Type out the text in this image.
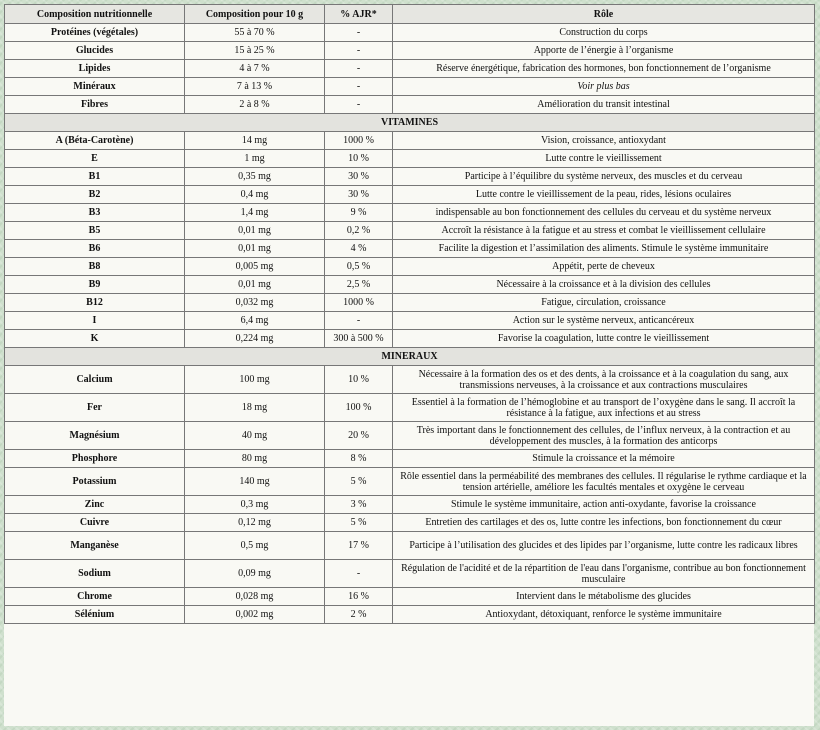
Composition nutritionnelle	Composition pour 10 g	% AJR*	Rôle
Protéines (végétales)	55 à 70 %	-	Construction du corps
Glucides	15 à 25 %	-	Apporte de l’énergie à l’organisme
Lipides	4 à 7 %	-	Réserve énergétique, fabrication des hormones, bon fonctionnement de l’organisme
Minéraux	7 à 13 %	-	Voir plus bas
Fibres	2 à 8 %	-	Amélioration du transit intestinal
VITAMINES			
A (Béta-Carotène)	14 mg	1000 %	Vision, croissance, antioxydant
E	1 mg	10 %	Lutte contre le vieillissement
B1	0,35 mg	30 %	Participe à l’équilibre du système nerveux, des muscles et du cerveau
B2	0,4 mg	30 %	Lutte contre le vieillissement de la peau, rides, lésions oculaires
B3	1,4 mg	9 %	indispensable au bon fonctionnement des cellules du cerveau et du système nerveux
B5	0,01 mg	0,2 %	Accroît la résistance à la fatigue et au stress et combat le vieillissement cellulaire
B6	0,01 mg	4 %	Facilite la digestion et l’assimilation des aliments. Stimule le système immunitaire
B8	0,005 mg	0,5 %	Appétit, perte de cheveux
B9	0,01 mg	2,5 %	Nécessaire à la croissance et à la division des cellules
B12	0,032 mg	1000 %	Fatigue, circulation, croissance
I	6,4 mg	-	Action sur le système nerveux, anticancéreux
K	0,224 mg	300 à 500 %	Favorise la coagulation, lutte contre le vieillissement
MINERAUX			
Calcium	100 mg	10 %	Nécessaire à la formation des os et des dents, à la croissance et à la coagulation du sang, aux transmissions nerveuses, à la croissance et aux contractions musculaires
Fer	18 mg	100 %	Essentiel à la formation de l’hémoglobine et au transport de l’oxygène dans le sang. Il accroît la résistance à la fatigue, aux infections et au stress
Magnésium	40 mg	20 %	Très important dans le fonctionnement des cellules, de l’influx nerveux, à la contraction et au développement des muscles, à la formation des anticorps
Phosphore	80 mg	8 %	Stimule la croissance et la mémoire
Potassium	140 mg	5 %	Rôle essentiel dans la perméabilité des membranes des cellules. Il régularise le rythme cardiaque et la tension artérielle, améliore les facultés mentales et oxygène le cerveau
Zinc	0,3 mg	3 %	Stimule le système immunitaire, action anti-oxydante, favorise la croissance
Cuivre	0,12 mg	5 %	Entretien des cartilages et des os, lutte contre les infections, bon fonctionnement du cœur
Manganèse	0,5 mg	17 %	Participe à l’utilisation des glucides et des lipides par l’organisme, lutte contre les radicaux libres
Sodium	0,09 mg	-	Régulation de l'acidité et de la répartition de l'eau dans l'organisme, contribue au bon fonctionnement musculaire
Chrome	0,028 mg	16 %	Intervient dans le métabolisme des glucides
Sélénium	0,002 mg	2 %	Antioxydant, détoxiquant, renforce le système immunitaire
